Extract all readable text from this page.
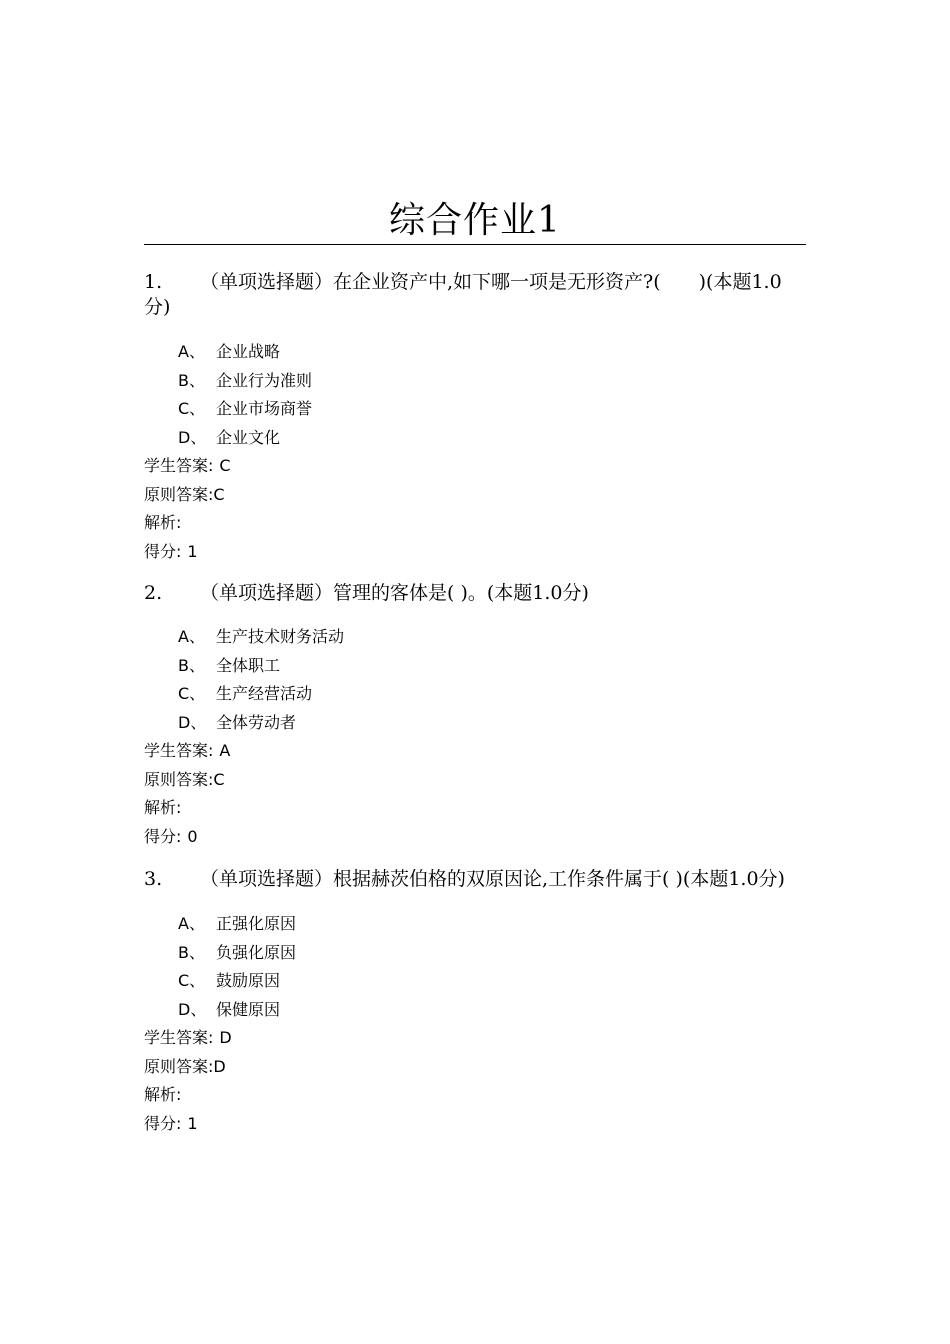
综合作业1

1. （单项选择题）在企业资产中,如下哪一项是无形资产?(　　)(本题1.0分)

A、 企业战略
B、 企业行为准则
C、 企业市场商誉
D、 企业文化
学生答案: C
原则答案:C
解析:
得分: 1

2. （单项选择题）管理的客体是( )。(本题1.0分)

A、 生产技术财务活动
B、 全体职工
C、 生产经营活动
D、 全体劳动者
学生答案: A
原则答案:C
解析:
得分: 0

3. （单项选择题）根据赫茨伯格的双原因论,工作条件属于( )(本题1.0分)

A、 正强化原因
B、 负强化原因
C、 鼓励原因
D、 保健原因
学生答案: D
原则答案:D
解析:
得分: 1
